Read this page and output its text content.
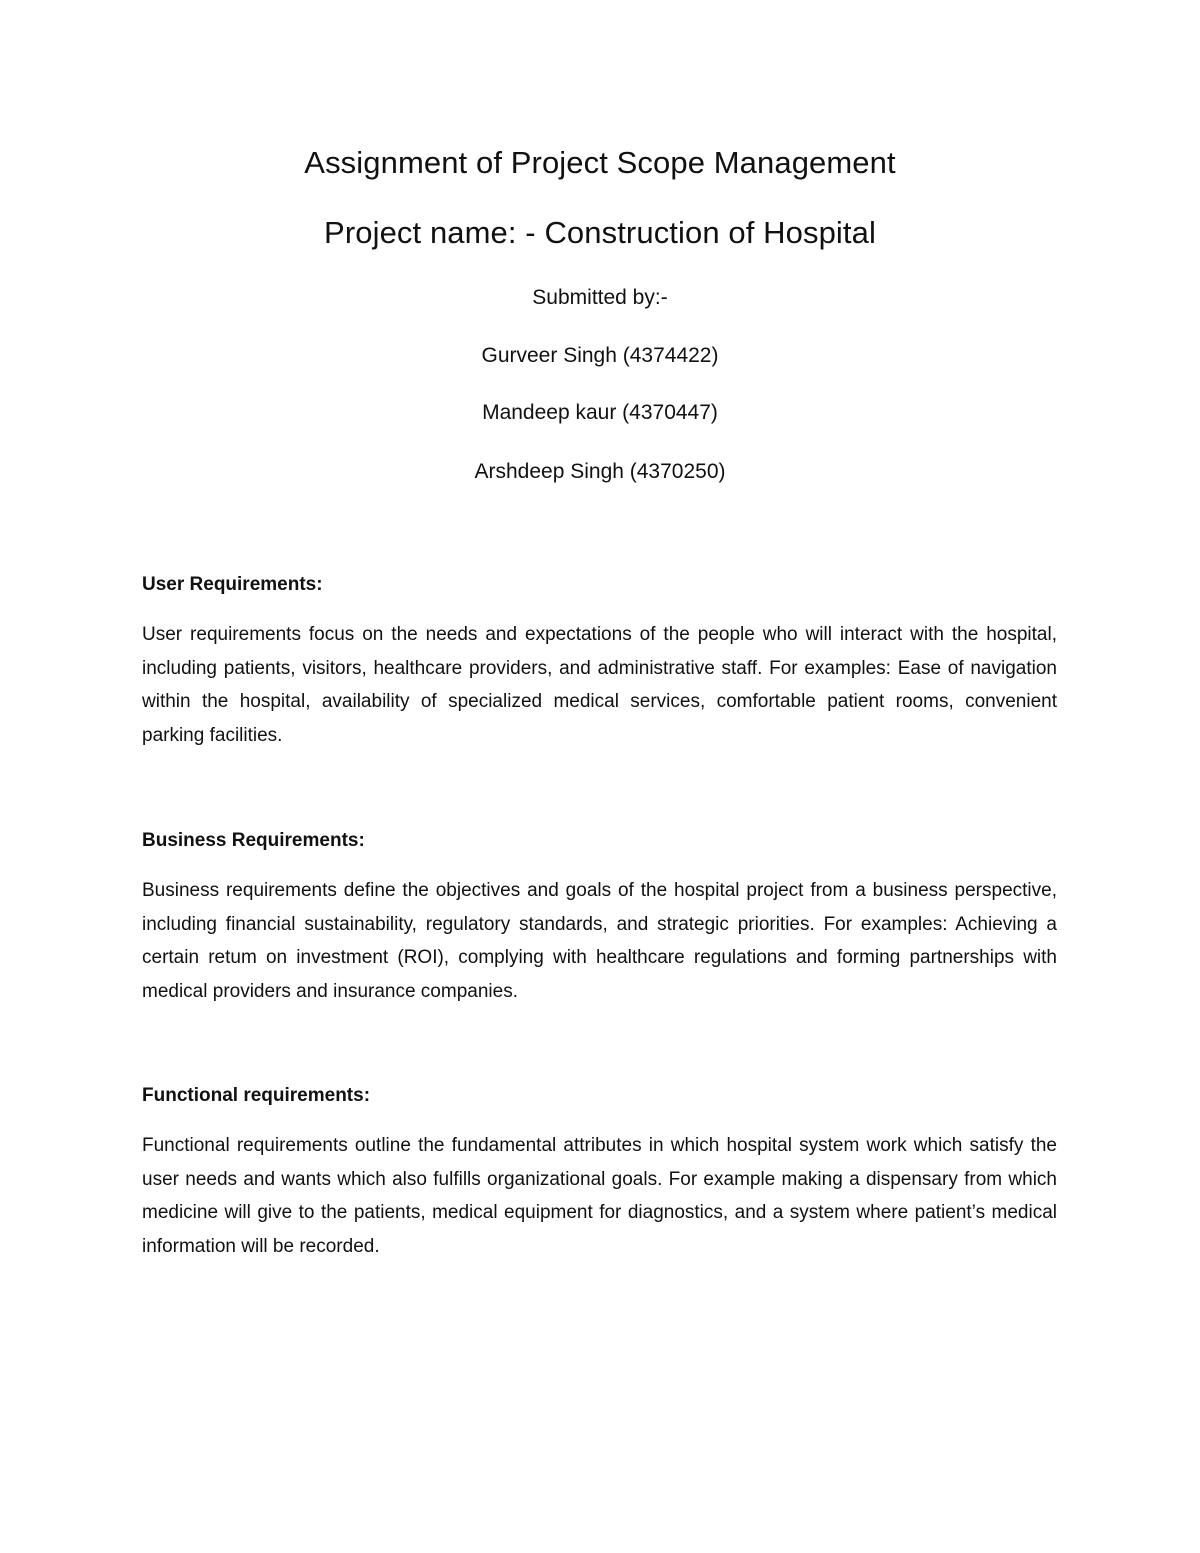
Assignment of Project Scope Management
Project name: - Construction of Hospital

Submitted by:-

Gurveer Singh (4374422)

Mandeep kaur (4370447)

Arshdeep Singh (4370250)

User Requirements:

User requirements focus on the needs and expectations of the people who will interact with the hospital, including patients, visitors, healthcare providers, and administrative staff. For examples: Ease of navigation within the hospital, availability of specialized medical services, comfortable patient rooms, convenient parking facilities.

Business Requirements:

Business requirements define the objectives and goals of the hospital project from a business perspective, including financial sustainability, regulatory standards, and strategic priorities. For examples: Achieving a certain retum on investment (ROI), complying with healthcare regulations and forming partnerships with medical providers and insurance companies.

Functional requirements:

Functional requirements outline the fundamental attributes in which hospital system work which satisfy the user needs and wants which also fulfills organizational goals. For example making a dispensary from which medicine will give to the patients, medical equipment for diagnostics, and a system where patient’s medical information will be recorded.
